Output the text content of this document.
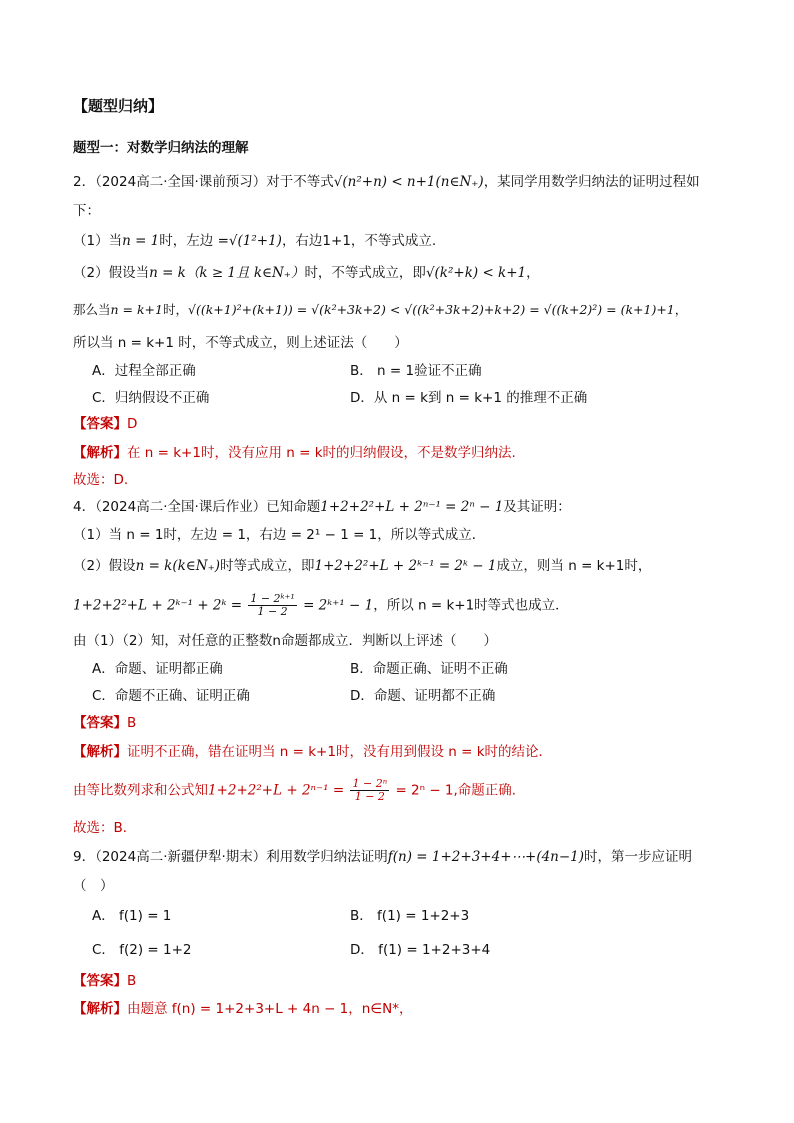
【题型归纳】
题型一：对数学归纳法的理解
2．（2024高二·全国·课前预习）对于不等式√(n²+n) < n+1(n∈N₊)，某同学用数学归纳法的证明过程如
下：
（1）当n = 1时，左边 =√(1²+1)，右边1+1，不等式成立.
（2）假设当n = k（k ≥ 1且 k∈N₊）时，不等式成立，即√(k²+k) < k+1，
那么当n = k+1时，√((k+1)²+(k+1)) = √(k²+3k+2) < √((k²+3k+2)+k+2) = √((k+2)²) = (k+1)+1，
所以当 n = k+1 时，不等式成立，则上述证法（　　）
A．过程全部正确	B． n = 1验证不正确
C．归纳假设不正确	D．从 n = k到 n = k+1 的推理不正确
【答案】D
【解析】在 n = k+1时，没有应用 n = k时的归纳假设，不是数学归纳法.
故选：D.
4．（2024高二·全国·课后作业）已知命题1+2+2²+L + 2ⁿ⁻¹ = 2ⁿ − 1及其证明：
（1）当 n = 1时，左边 = 1，右边 = 2¹ − 1 = 1，所以等式成立．
（2）假设n = k(k∈N₊)时等式成立，即1+2+2²+L + 2ᵏ⁻¹ = 2ᵏ − 1成立，则当 n = k+1时，
1+2+2²+L + 2ᵏ⁻¹ + 2ᵏ = $\frac{\text{1 − 2ᵏ⁺¹}}{1 - 2}$ = 2ᵏ⁺¹ − 1，所以 n = k+1时等式也成立．
由（1）（2）知，对任意的正整数n命题都成立．判断以上评述（　　）
A．命题、证明都正确	B．命题正确、证明不正确
C．命题不正确、证明正确	D．命题、证明都不正确
【答案】B
【解析】证明不正确，错在证明当 n = k+1时，没有用到假设 n = k时的结论．
由等比数列求和公式知$1+2+2^2+L + 2^{n-1} = \frac{\text{1 − 2ⁿ}}{1 - 2} = 2^n - 1$,命题正确.
故选：B．
9．（2024高二·新疆伊犁·期末）利用数学归纳法证明f(n) = 1+2+3+4+⋯+(4n−1)时，第一步应证明
（　）
A． f(1) = 1	B． f(1) = 1+2+3
C． f(2) = 1+2	D． f(1) = 1+2+3+4
【答案】B
【解析】由题意 f(n) = 1+2+3+L + 4n − 1，n∈N*，
